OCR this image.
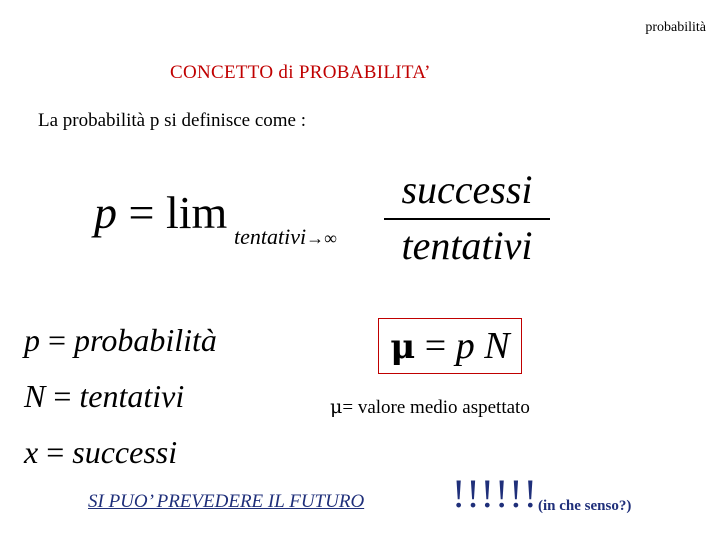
probabilità
CONCETTO di PROBABILITA’
La probabilità p si definisce come :
p = lim tentativi→∞
successi
tentativi
p = probabilità
N = tentativi
x = successi
μ = p N
μ= valore medio aspettato
SI PUO’ PREVEDERE IL FUTURO !!!!!! (in che senso?)
